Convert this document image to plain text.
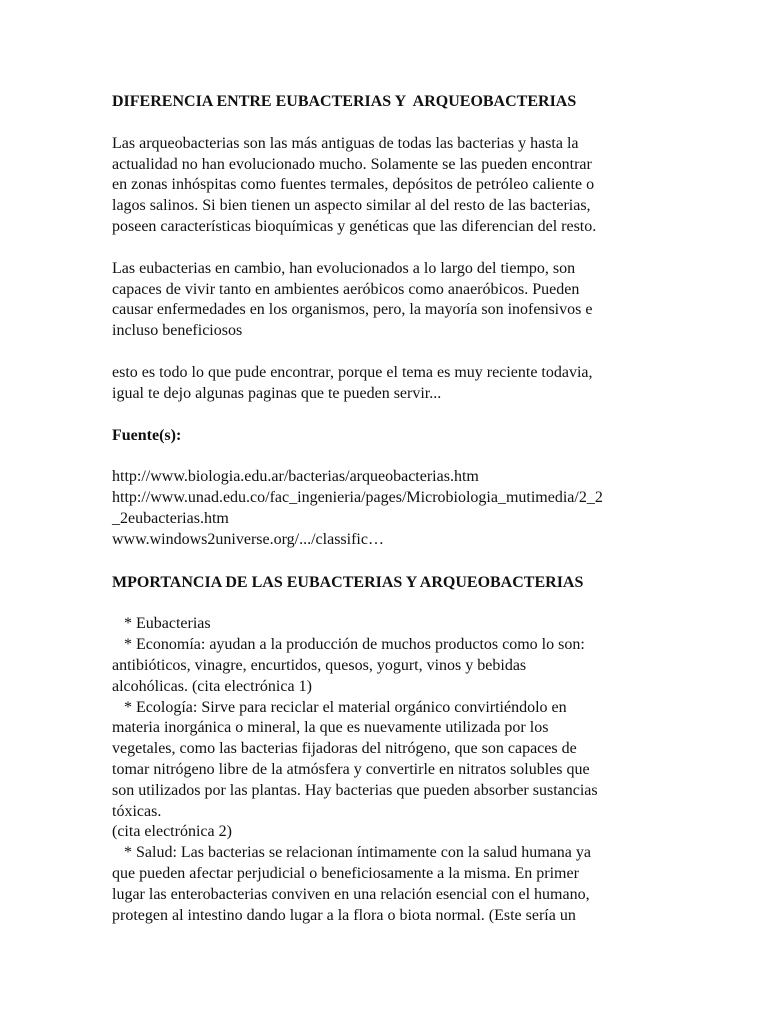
DIFERENCIA ENTRE EUBACTERIAS Y  ARQUEOBACTERIAS
Las arqueobacterias son las más antiguas de todas las bacterias y hasta la
actualidad no han evolucionado mucho. Solamente se las pueden encontrar
en zonas inhóspitas como fuentes termales, depósitos de petróleo caliente o
lagos salinos. Si bien tienen un aspecto similar al del resto de las bacterias,
poseen características bioquímicas y genéticas que las diferencian del resto.
Las eubacterias en cambio, han evolucionados a lo largo del tiempo, son
capaces de vivir tanto en ambientes aeróbicos como anaeróbicos. Pueden
causar enfermedades en los organismos, pero, la mayoría son inofensivos e
incluso beneficiosos
esto es todo lo que pude encontrar, porque el tema es muy reciente todavia,
igual te dejo algunas paginas que te pueden servir...
Fuente(s):
http://www.biologia.edu.ar/bacterias/arqueobacterias.htm
http://www.unad.edu.co/fac_ingenieria/pages/Microbiologia_mutimedia/2_2
_2eubacterias.htm
www.windows2universe.org/.../classific…
MPORTANCIA DE LAS EUBACTERIAS Y ARQUEOBACTERIAS
* Eubacterias
* Economía: ayudan a la producción de muchos productos como lo son:
antibióticos, vinagre, encurtidos, quesos, yogurt, vinos y bebidas
alcohólicas. (cita electrónica 1)
* Ecología: Sirve para reciclar el material orgánico convirtiéndolo en
materia inorgánica o mineral, la que es nuevamente utilizada por los
vegetales, como las bacterias fijadoras del nitrógeno, que son capaces de
tomar nitrógeno libre de la atmósfera y convertirle en nitratos solubles que
son utilizados por las plantas. Hay bacterias que pueden absorber sustancias
tóxicas.
(cita electrónica 2)
* Salud: Las bacterias se relacionan íntimamente con la salud humana ya
que pueden afectar perjudicial o beneficiosamente a la misma. En primer
lugar las enterobacterias conviven en una relación esencial con el humano,
protegen al intestino dando lugar a la flora o biota normal. (Este sería un
